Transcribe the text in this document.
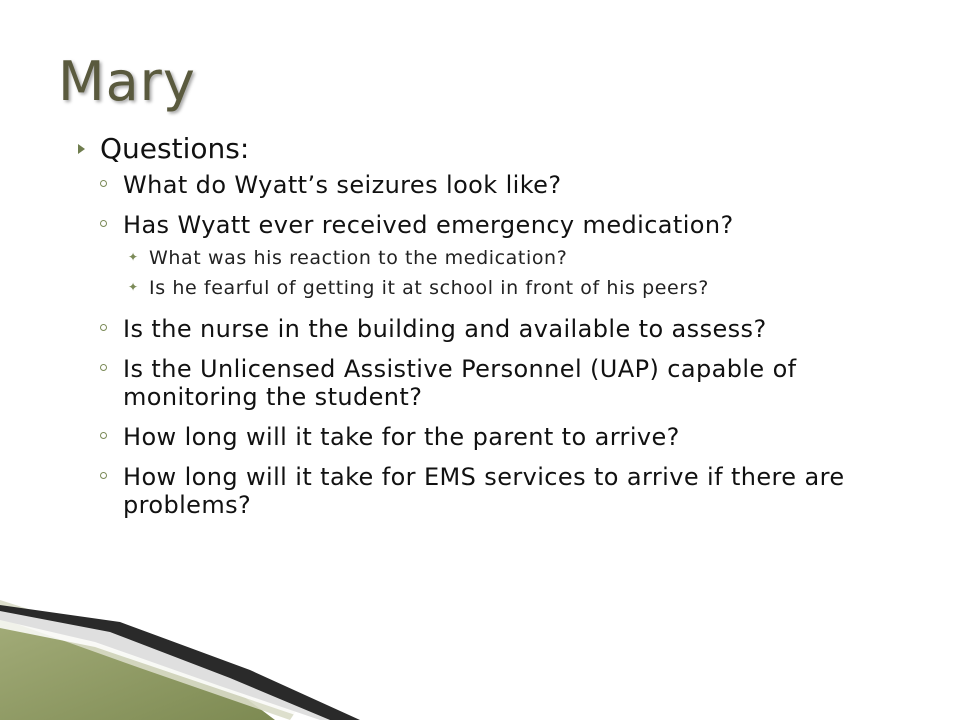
Mary
Questions:
What do Wyatt’s seizures look like?
Has Wyatt ever received emergency medication?
✦ What was his reaction to the medication?
✦ Is he fearful of getting it at school in front of his peers?
Is the nurse in the building and available to assess?
Is the Unlicensed Assistive Personnel (UAP) capable of monitoring the student?
How long will it take for the parent to arrive?
How long will it take for EMS services to arrive if there are problems?
